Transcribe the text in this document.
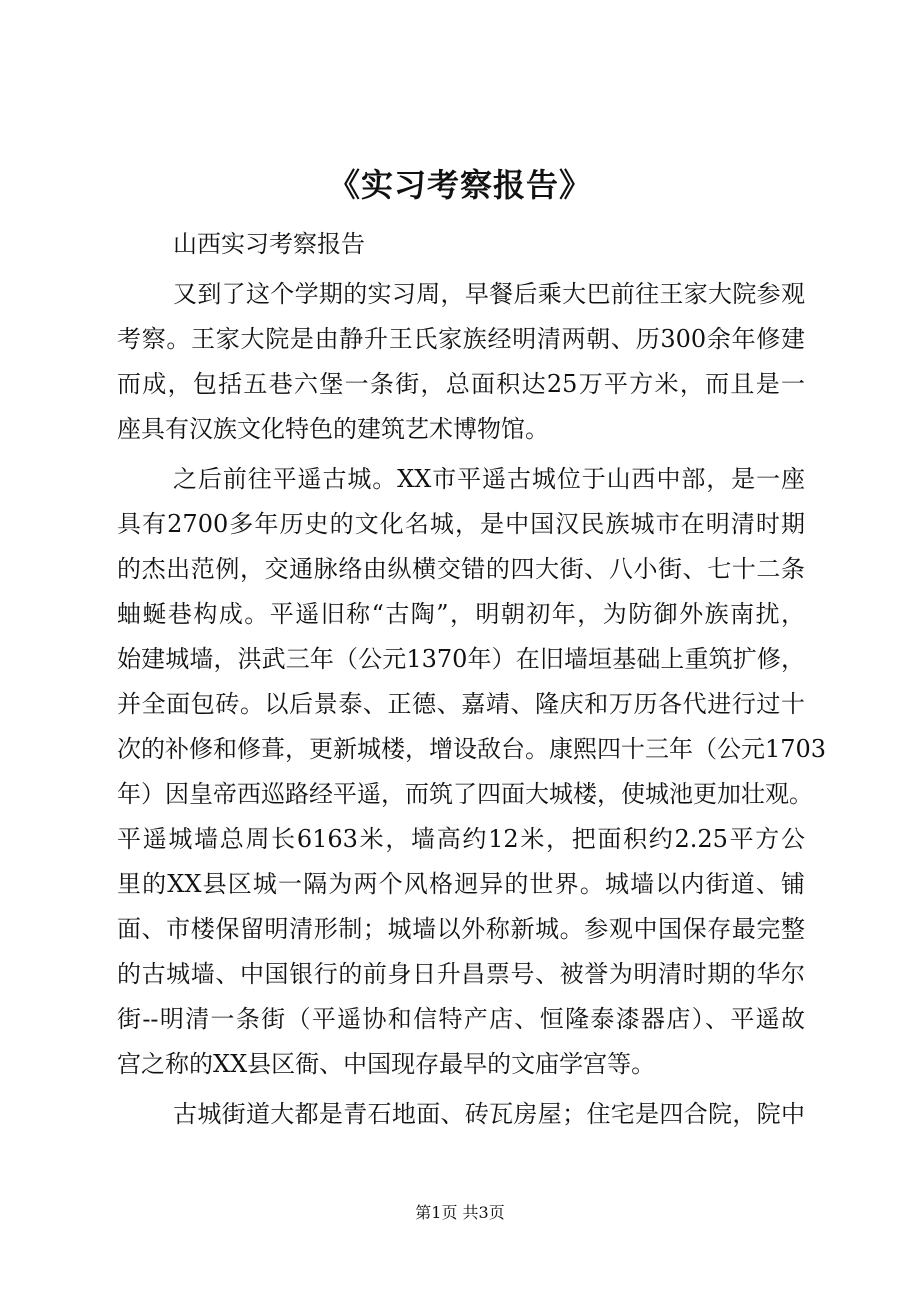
《实习考察报告》
山西实习考察报告
又到了这个学期的实习周，早餐后乘大巴前往王家大院参观
考察。王家大院是由静升王氏家族经明清两朝、历300余年修建
而成，包括五巷六堡一条街，总面积达25万平方米，而且是一
座具有汉族文化特色的建筑艺术博物馆。
之后前往平遥古城。XX市平遥古城位于山西中部，是一座
具有2700多年历史的文化名城，是中国汉民族城市在明清时期
的杰出范例，交通脉络由纵横交错的四大街、八小街、七十二条
蚰蜒巷构成。平遥旧称“古陶”，明朝初年，为防御外族南扰，
始建城墙，洪武三年（公元1370年）在旧墙垣基础上重筑扩修，
并全面包砖。以后景泰、正德、嘉靖、隆庆和万历各代进行过十
次的补修和修葺，更新城楼，增设敌台。康熙四十三年（公元1703
年）因皇帝西巡路经平遥，而筑了四面大城楼，使城池更加壮观。
平遥城墙总周长6163米，墙高约12米，把面积约2.25平方公
里的XX县区城一隔为两个风格迥异的世界。城墙以内街道、铺
面、市楼保留明清形制；城墙以外称新城。参观中国保存最完整
的古城墙、中国银行的前身日升昌票号、被誉为明清时期的华尔
街--明清一条街（平遥协和信特产店、恒隆泰漆器店）、平遥故
宫之称的XX县区衙、中国现存最早的文庙学宫等。
古城街道大都是青石地面、砖瓦房屋；住宅是四合院，院中
第1页 共3页
